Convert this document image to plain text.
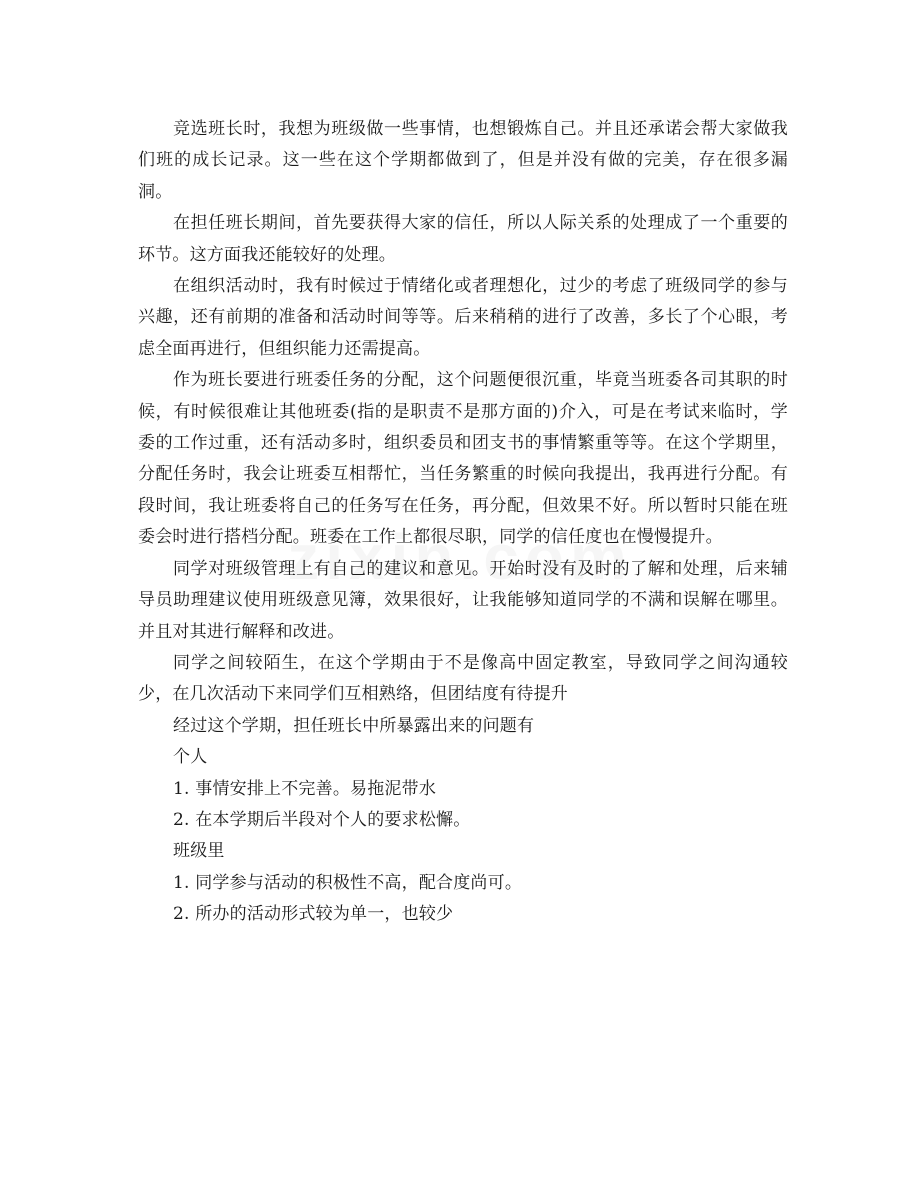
竞选班长时，我想为班级做一些事情，也想锻炼自己。并且还承诺会帮大家做我们班的成长记录。这一些在这个学期都做到了，但是并没有做的完美，存在很多漏洞。

在担任班长期间，首先要获得大家的信任，所以人际关系的处理成了一个重要的环节。这方面我还能较好的处理。

在组织活动时，我有时候过于情绪化或者理想化，过少的考虑了班级同学的参与兴趣，还有前期的准备和活动时间等等。后来稍稍的进行了改善，多长了个心眼，考虑全面再进行，但组织能力还需提高。

作为班长要进行班委任务的分配，这个问题便很沉重，毕竟当班委各司其职的时候，有时候很难让其他班委(指的是职责不是那方面的)介入，可是在考试来临时，学委的工作过重，还有活动多时，组织委员和团支书的事情繁重等等。在这个学期里，分配任务时，我会让班委互相帮忙，当任务繁重的时候向我提出，我再进行分配。有段时间，我让班委将自己的任务写在任务，再分配，但效果不好。所以暂时只能在班委会时进行搭档分配。班委在工作上都很尽职，同学的信任度也在慢慢提升。

同学对班级管理上有自己的建议和意见。开始时没有及时的了解和处理，后来辅导员助理建议使用班级意见簿，效果很好，让我能够知道同学的不满和误解在哪里。并且对其进行解释和改进。

同学之间较陌生，在这个学期由于不是像高中固定教室，导致同学之间沟通较少，在几次活动下来同学们互相熟络，但团结度有待提升

经过这个学期，担任班长中所暴露出来的问题有

个人

1. 事情安排上不完善。易拖泥带水

2. 在本学期后半段对个人的要求松懈。

班级里

1. 同学参与活动的积极性不高，配合度尚可。

2. 所办的活动形式较为单一，也较少
